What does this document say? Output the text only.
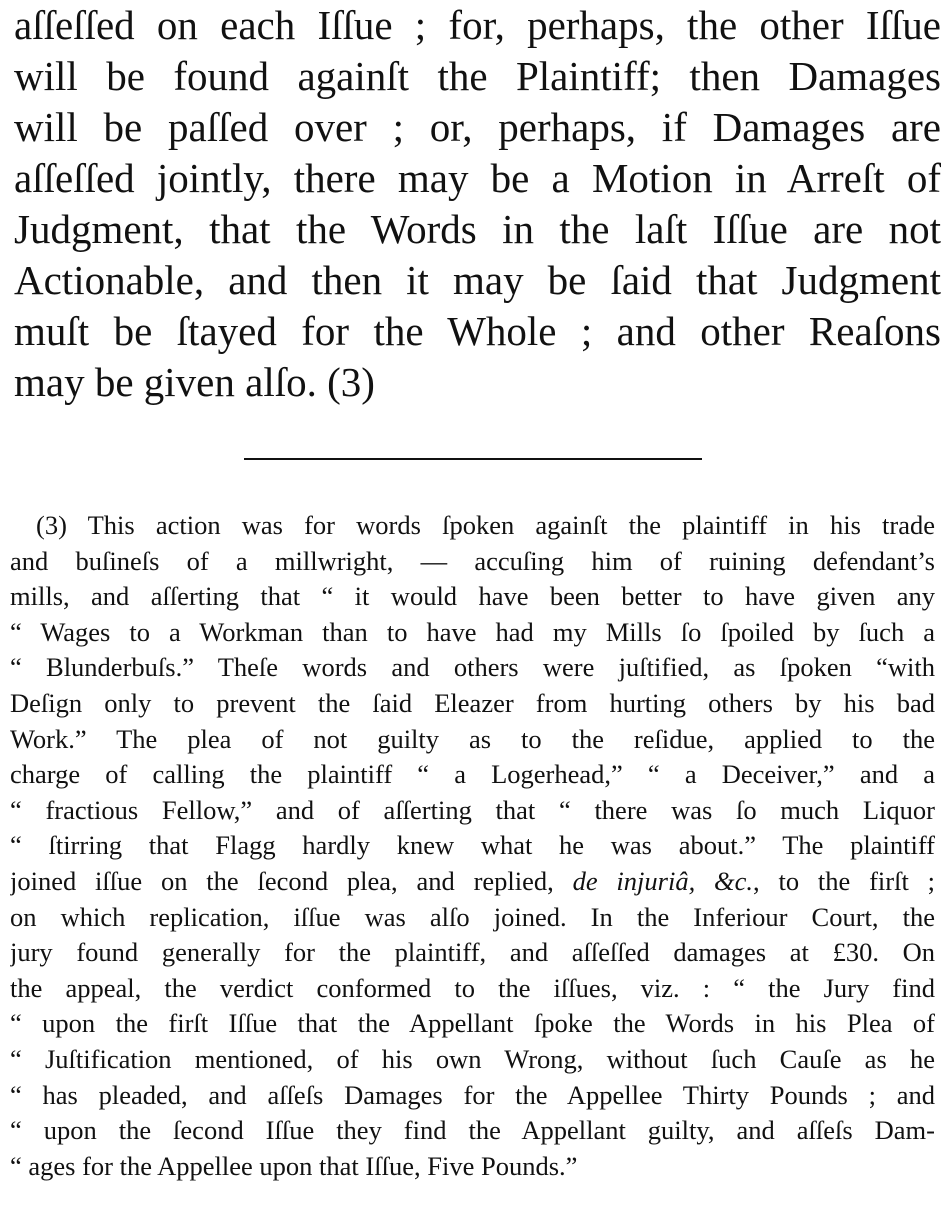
aſſeſſed on each Iſſue ; for, perhaps, the other Iſſue
will be found againſt the Plaintiff; then Damages
will be paſſed over ; or, perhaps, if Damages are
aſſeſſed jointly, there may be a Motion in Arreſt of
Judgment, that the Words in the laſt Iſſue are not
Actionable, and then it may be ſaid that Judgment
muſt be ſtayed for the Whole ; and other Reaſons
may be given alſo. (3)
(3) This action was for words ſpoken againſt the plaintiff in his trade
and buſineſs of a millwright, — accuſing him of ruining defendant’s
mills, and aſſerting that “ it would have been better to have given any
“ Wages to a Workman than to have had my Mills ſo ſpoiled by ſuch a
“ Blunderbuſs.” Theſe words and others were juſtified, as ſpoken “with
Deſign only to prevent the ſaid Eleazer from hurting others by his bad
Work.” The plea of not guilty as to the reſidue, applied to the
charge of calling the plaintiff “ a Logerhead,” “ a Deceiver,” and a
“ fractious Fellow,” and of aſſerting that “ there was ſo much Liquor
“ ſtirring that Flagg hardly knew what he was about.” The plaintiff
joined iſſue on the ſecond plea, and replied, de injuriâ, &c., to the firſt ;
on which replication, iſſue was alſo joined. In the Inferiour Court, the
jury found generally for the plaintiff, and aſſeſſed damages at £30. On
the appeal, the verdict conformed to the iſſues, viz. : “ the Jury find
“ upon the firſt Iſſue that the Appellant ſpoke the Words in his Plea of
“ Juſtification mentioned, of his own Wrong, without ſuch Cauſe as he
“ has pleaded, and aſſeſs Damages for the Appellee Thirty Pounds ; and
“ upon the ſecond Iſſue they find the Appellant guilty, and aſſeſs Dam-
“ ages for the Appellee upon that Iſſue, Five Pounds.”
